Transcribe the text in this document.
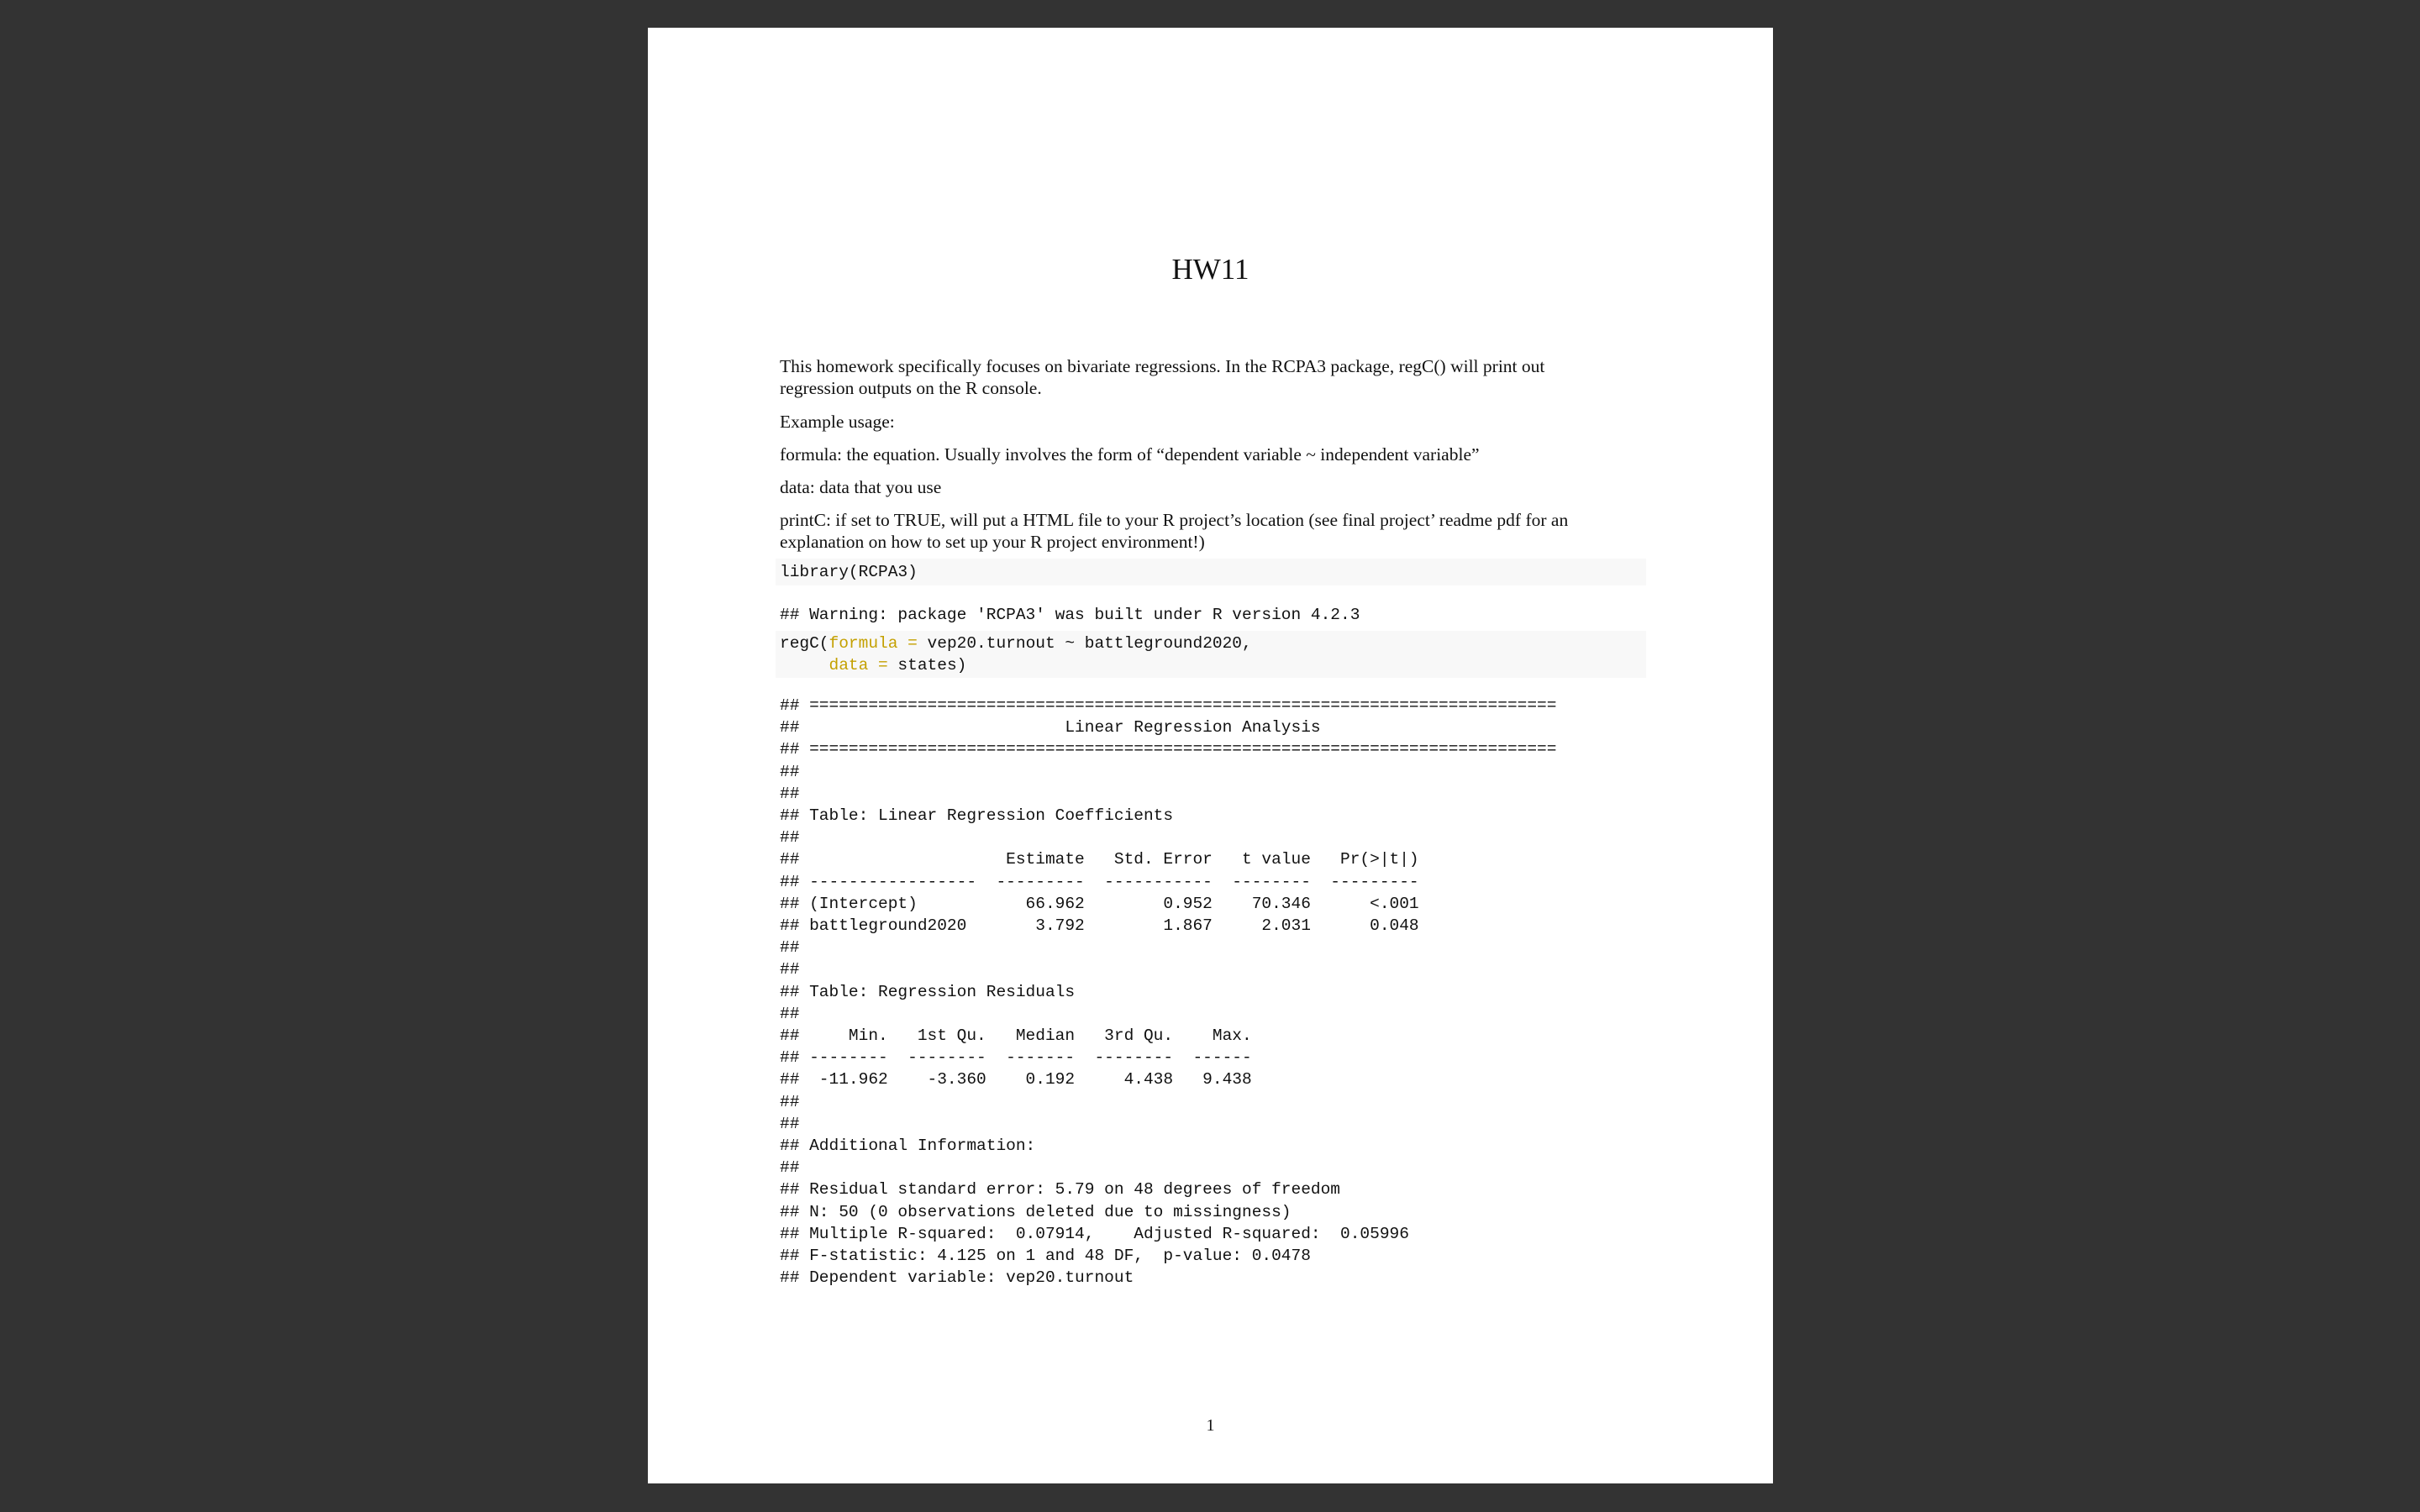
HW11

This homework specifically focuses on bivariate regressions. In the RCPA3 package, regC() will print out regression outputs on the R console.

Example usage:

formula: the equation. Usually involves the form of “dependent variable ~ independent variable”

data: data that you use

printC: if set to TRUE, will put a HTML file to your R project’s location (see final project’ readme pdf for an explanation on how to set up your R project environment!)

library(RCPA3)
## Warning: package 'RCPA3' was built under R version 4.2.3
regC(formula = vep20.turnout ~ battleground2020,
data = states)
## ============================================================================
##                           Linear Regression Analysis
## ============================================================================
##
##
## Table: Linear Regression Coefficients
##
##                     Estimate   Std. Error   t value   Pr(>|t|)
## -----------------  ---------  -----------  --------  ---------
## (Intercept)           66.962        0.952    70.346      <.001
## battleground2020       3.792        1.867     2.031      0.048
##
##
## Table: Regression Residuals
##
##     Min.   1st Qu.   Median   3rd Qu.    Max.
## --------  --------  -------  --------  ------
##  -11.962    -3.360    0.192     4.438   9.438
##
##
## Additional Information:
##
## Residual standard error: 5.79 on 48 degrees of freedom
## N: 50 (0 observations deleted due to missingness)
## Multiple R-squared:  0.07914,    Adjusted R-squared:  0.05996
## F-statistic: 4.125 on 1 and 48 DF,  p-value: 0.0478
## Dependent variable: vep20.turnout
1
